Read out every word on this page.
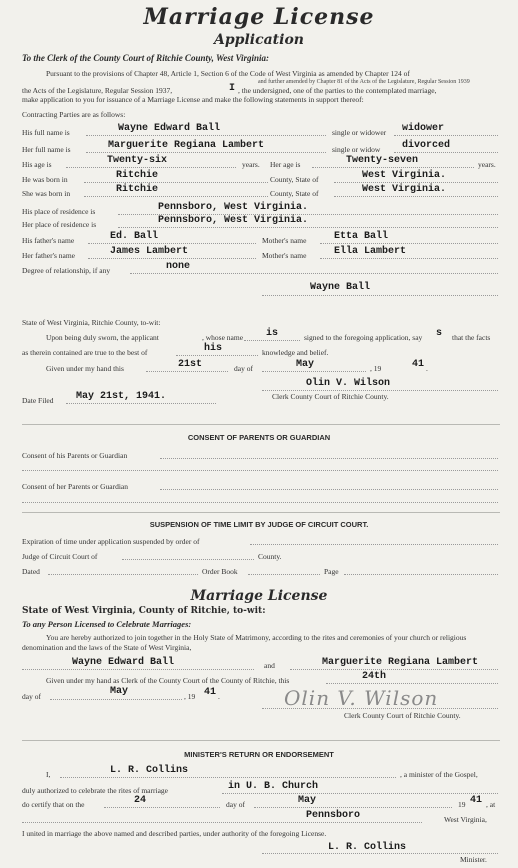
Marriage License
Application
To the Clerk of the County Court of Ritchie County, West Virginia:
Pursuant to the provisions of Chapter 48, Article 1, Section 6 of the Code of West Virginia as amended by Chapter 124 of
and further amended by Chapter 81 of the Acts of the Legislature, Regular Session 1939
the Acts of the Legislature, Regular Session 1937,	I , the undersigned, one of the parties to the contemplated marriage,
make application to you for issuance of a Marriage License and make the following statements in support thereof:
Contracting Parties are as follows:
His full name is	Wayne Edward Ball	single or widower widower
Her full name is	Marguerite Regiana Lambert	single or widow divorced
His age is	Twenty-six	years. Her age is	Twenty-seven	years.
He was born in	Ritchie	County, State of	West Virginia.
She was born in	Ritchie	County, State of	West Virginia.
His place of residence is	Pennsboro, West Virginia.
Her place of residence is	Pennsboro, West Virginia.
His father's name	Ed. Ball	Mother's name	Etta Ball
Her father's name	James Lambert	Mother's name	Ella Lambert
Degree of relationship, if any	none
Wayne Ball
State of West Virginia, Ritchie County, to-wit:
Upon being duly sworn, the applicant	, whose name is	signed to the foregoing application, say s that the facts
as therein contained are true to the best of	his	knowledge and belief.
Given under my hand this	21st	day of	May	, 19	41 .
Olin V. Wilson
Clerk County Court of Ritchie County.
Date Filed May 21st, 1941.
CONSENT OF PARENTS OR GUARDIAN
Consent of his Parents or Guardian
Consent of her Parents or Guardian
SUSPENSION OF TIME LIMIT BY JUDGE OF CIRCUIT COURT.
Expiration of time under application suspended by order of
Judge of Circuit Court of	County.
Dated	Order Book	Page
Marriage License
State of West Virginia, County of Ritchie, to-wit:
To any Person Licensed to Celebrate Marriages:
You are hereby authorized to join together in the Holy State of Matrimony, according to the rites and ceremonies of your church or religious denomination and the laws of the State of West Virginia,
Wayne Edward Ball	and	Marguerite Regiana Lambert
Given under my hand as Clerk of the County Court of the County of Ritchie, this	24th
day of	May	, 19 41 .	Olin V. Wilson
Clerk County Court of Ritchie County.
MINISTER'S RETURN OR ENDORSEMENT
I,	L. R. Collins	, a minister of the Gospel,
duly authorized to celebrate the rites of marriage	in U. B. Church
do certify that on the	24	day of	May	19 41 , at
Pennsboro	West Virginia,
I united in marriage the above named and described parties, under authority of the foregoing License.
L. R. Collins
Minister.
